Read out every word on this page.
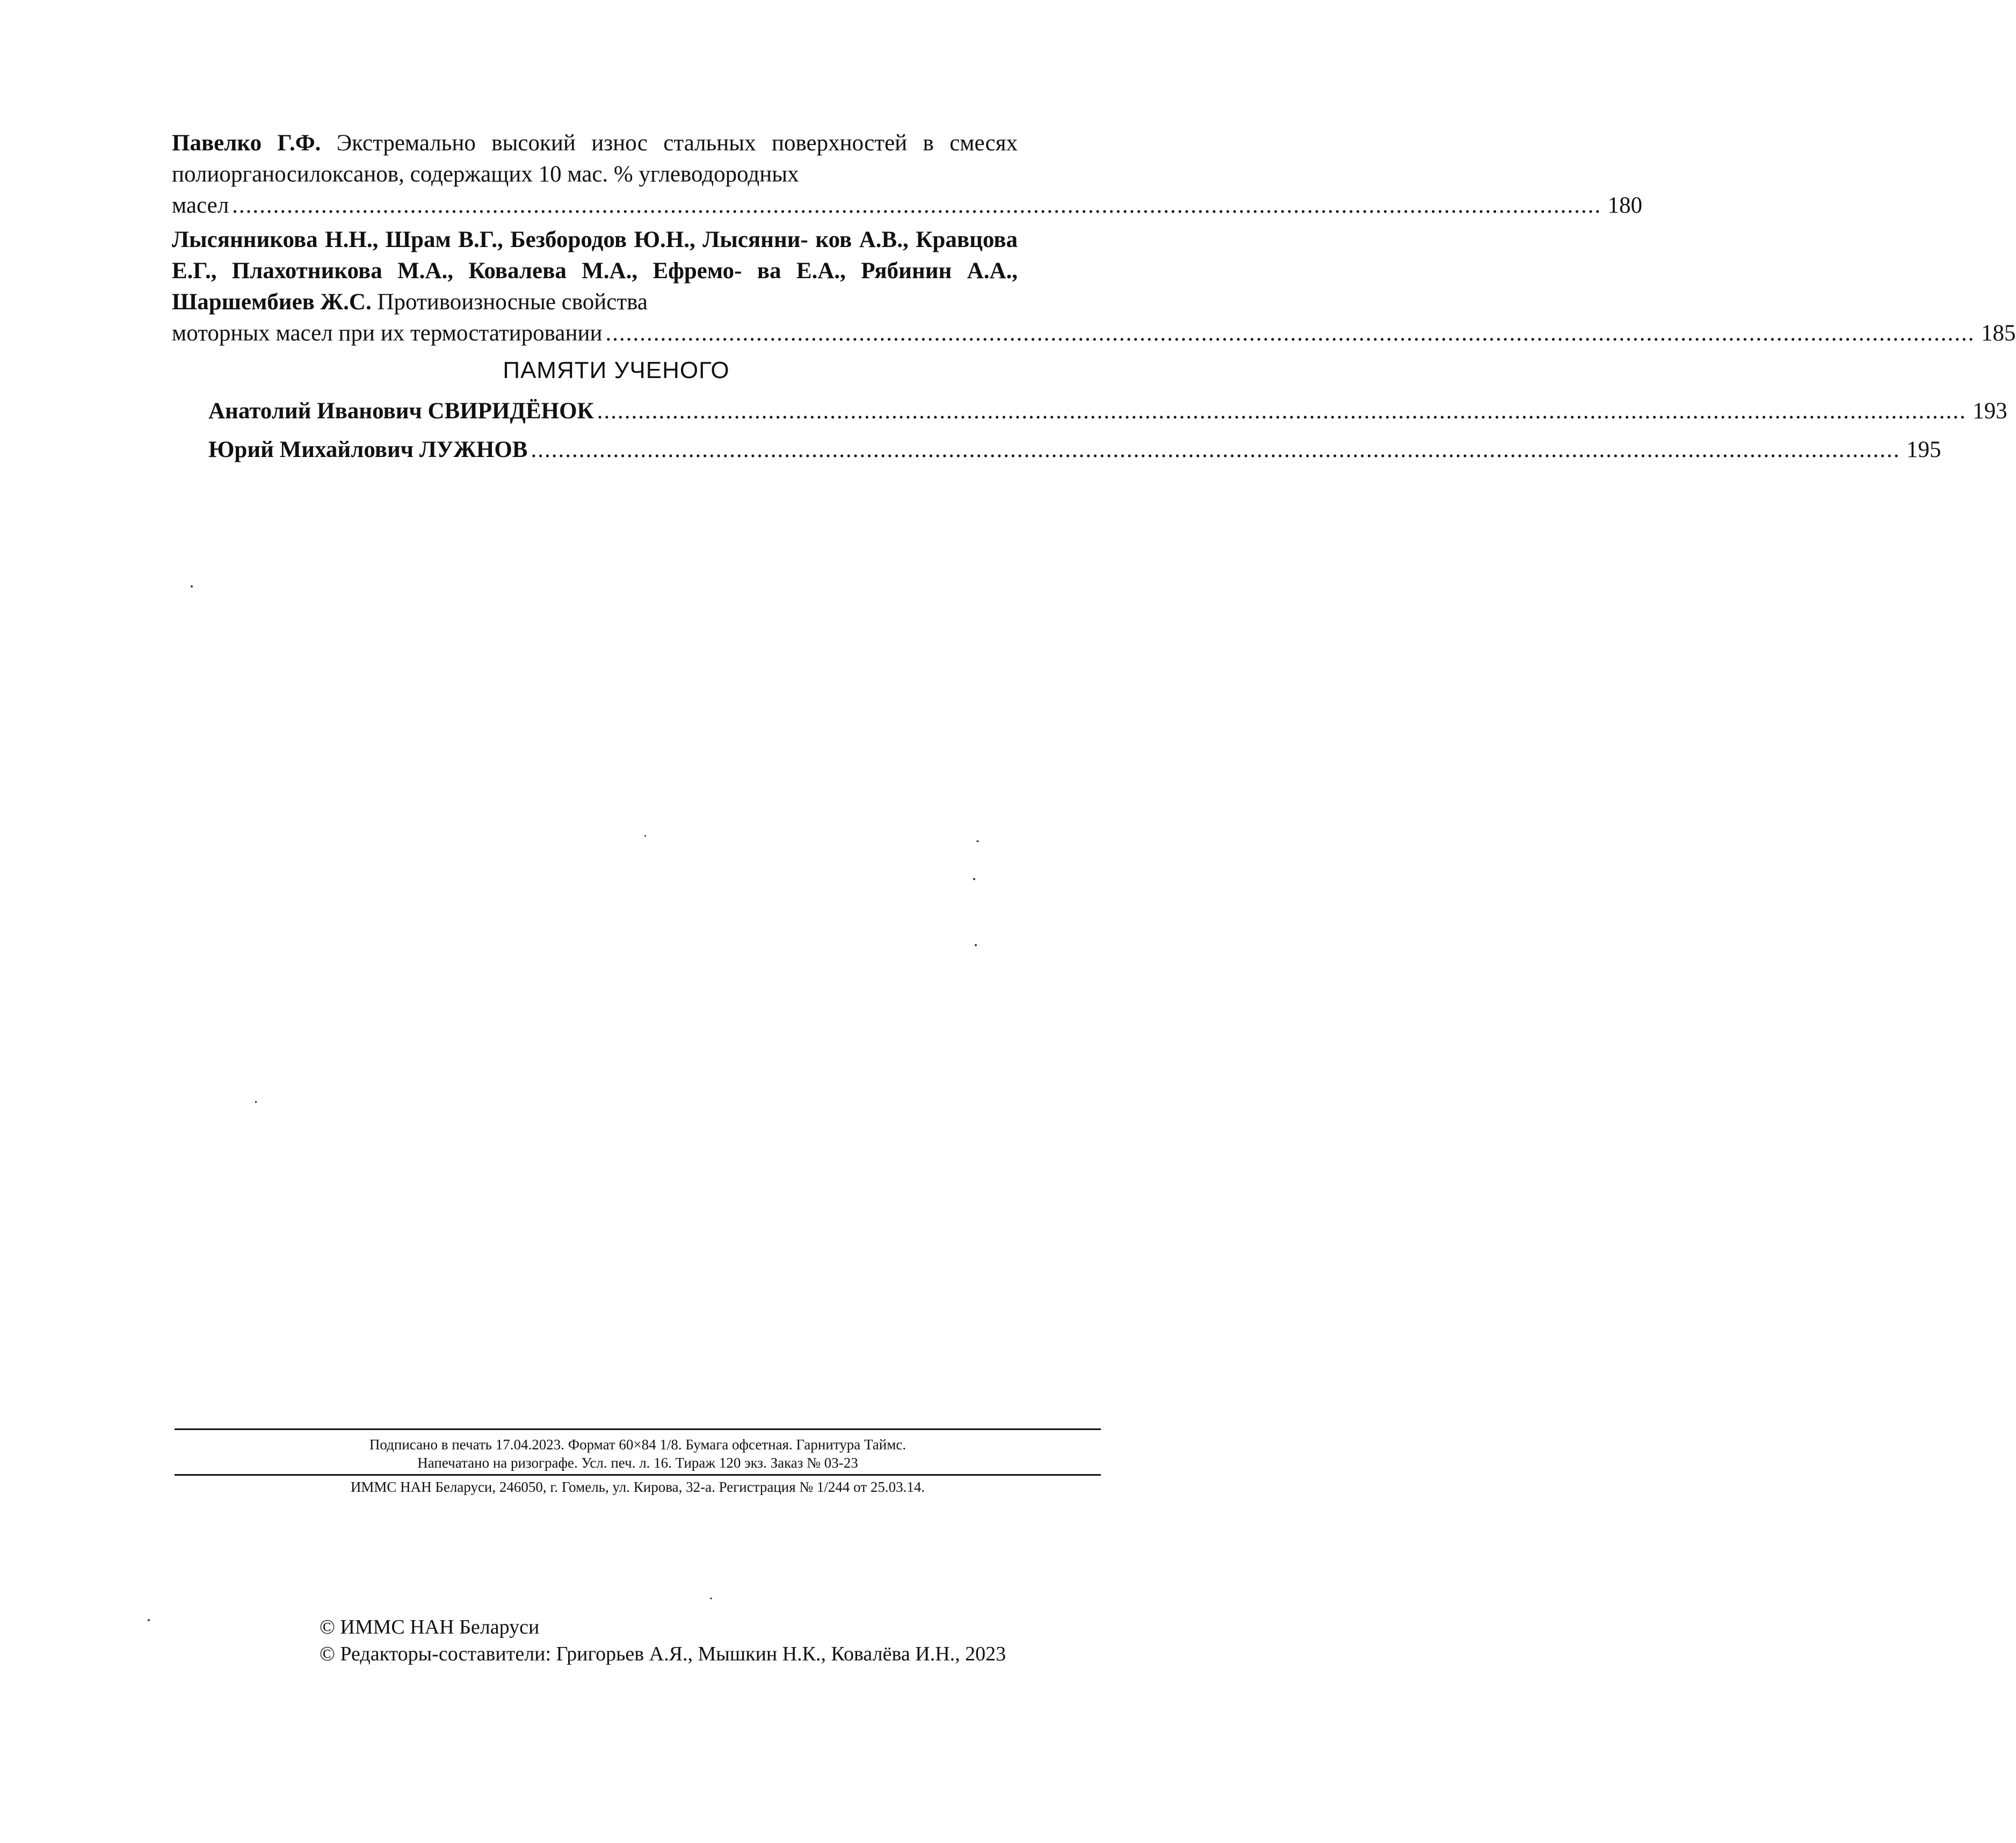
Павелко Г.Ф. Экстремально высокий износ стальных поверхностей в смесях полиорганосилоксанов, содержащих 10 мас. % углеводородных
масел ........................................................................................................................................................................................................ 180
Лысянникова Н.Н., Шрам В.Г., Безбородов Ю.Н., Лысянни- ков А.В., Кравцова Е.Г., Плахотникова М.А., Ковалева М.А., Ефремо- ва Е.А., Рябинин А.А., Шаршембиев Ж.С. Противоизносные свойства
моторных масел при их термостатировании ........................................................................................................................................................................................................ 185
ПАМЯТИ УЧЕНОГО
Анатолий Иванович СВИРИДЁНОК ........................................................................................................................................................................................................ 193
Юрий Михайлович ЛУЖНОВ ........................................................................................................................................................................................................ 195
Подписано в печать 17.04.2023. Формат 60×84 1/8. Бумага офсетная. Гарнитура Таймс.
Напечатано на ризографе. Усл. печ. л. 16. Тираж 120 экз. Заказ № 03-23
ИММС НАН Беларуси, 246050, г. Гомель, ул. Кирова, 32-а. Регистрация № 1/244 от 25.03.14.
© ИММС НАН Беларуси
© Редакторы-составители: Григорьев А.Я., Мышкин Н.К., Ковалёва И.Н., 2023
